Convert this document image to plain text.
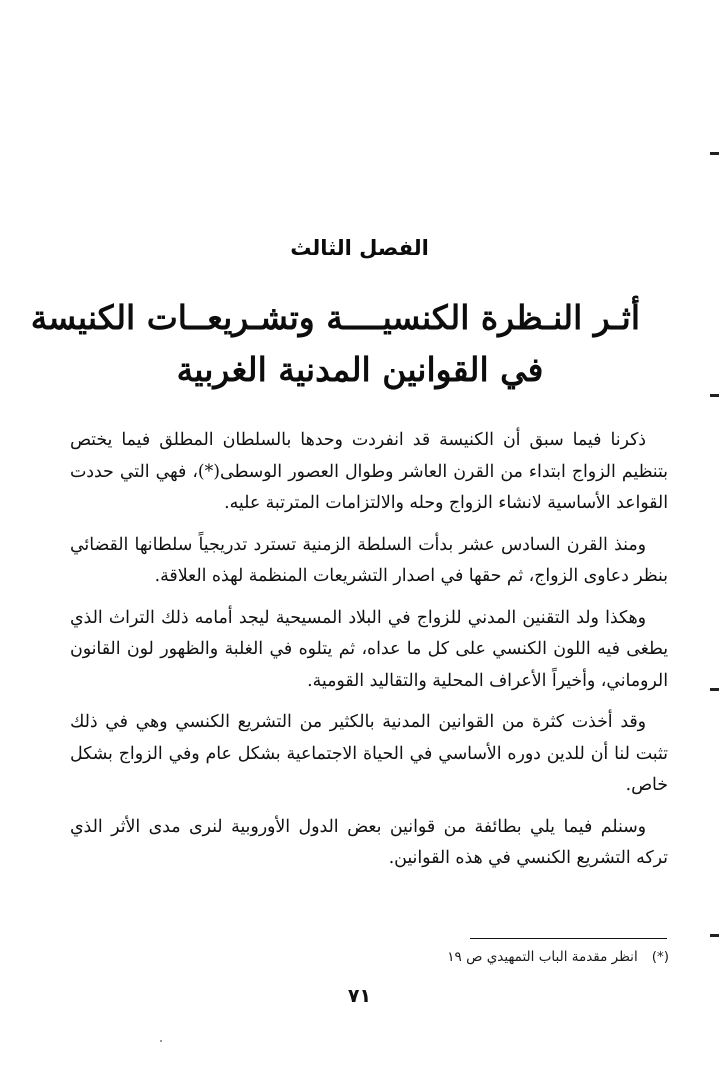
الفصل الثالث
أثـر النـظرة الكنسيــــة وتشـريعــات الكنيسة
في القوانين المدنية الغربية

ذكرنا فيما سبق أن الكنيسة قد انفردت وحدها بالسلطان المطلق فيما يختص بتنظيم الزواج ابتداء من القرن العاشر وطوال العصور الوسطى(*)، فهي التي حددت القواعد الأساسية لانشاء الزواج وحله والالتزامات المترتبة عليه.

ومنذ القرن السادس عشر بدأت السلطة الزمنية تسترد تدريجياً سلطانها القضائي بنظر دعاوى الزواج، ثم حقها في اصدار التشريعات المنظمة لهذه العلاقة.

وهكذا ولد التقنين المدني للزواج في البلاد المسيحية ليجد أمامه ذلك التراث الذي يطغى فيه اللون الكنسي على كل ما عداه، ثم يتلوه في الغلبة والظهور لون القانون الروماني، وأخيراً الأعراف المحلية والتقاليد القومية.

وقد أخذت كثرة من القوانين المدنية بالكثير من التشريع الكنسي وهي في ذلك تثبت لنا أن للدين دوره الأساسي في الحياة الاجتماعية بشكل عام وفي الزواج بشكل خاص.

وسنلم فيما يلي بطائفة من قوانين بعض الدول الأوروبية لنرى مدى الأثر الذي تركه التشريع الكنسي في هذه القوانين.

(*)انظر مقدمة الباب التمهيدي ص ١٩
٧١
